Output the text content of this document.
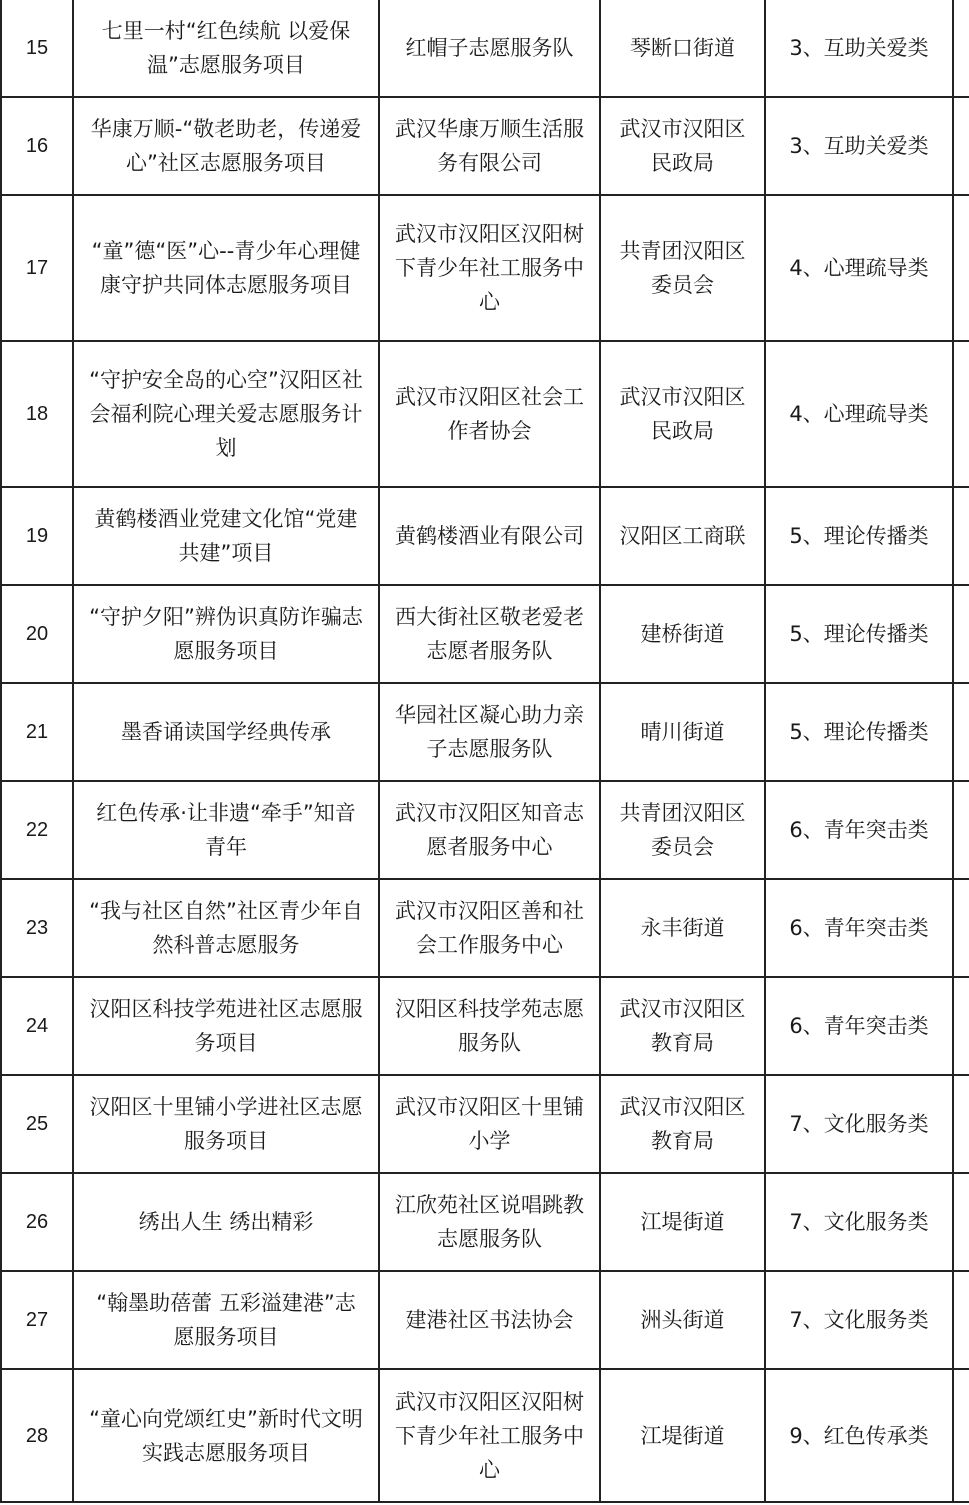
15	七里一村“红色续航 以爱保温”志愿服务项目	红帽子志愿服务队	琴断口街道	3、互助关爱类	
16	华康万顺-“敬老助老，传递爱心”社区志愿服务项目	武汉华康万顺生活服务有限公司	武汉市汉阳区民政局	3、互助关爱类	
17	“童”德“医”心--青少年心理健康守护共同体志愿服务项目	武汉市汉阳区汉阳树下青少年社工服务中心	共青团汉阳区委员会	4、心理疏导类	
18	“守护安全岛的心空”汉阳区社会福利院心理关爱志愿服务计划	武汉市汉阳区社会工作者协会	武汉市汉阳区民政局	4、心理疏导类	
19	黄鹤楼酒业党建文化馆“党建共建”项目	黄鹤楼酒业有限公司	汉阳区工商联	5、理论传播类	
20	“守护夕阳”辨伪识真防诈骗志愿服务项目	西大街社区敬老爱老志愿者服务队	建桥街道	5、理论传播类	
21	墨香诵读国学经典传承	华园社区凝心助力亲子志愿服务队	晴川街道	5、理论传播类	
22	红色传承·让非遗“牵手”知音青年	武汉市汉阳区知音志愿者服务中心	共青团汉阳区委员会	6、青年突击类	
23	“我与社区自然”社区青少年自然科普志愿服务	武汉市汉阳区善和社会工作服务中心	永丰街道	6、青年突击类	
24	汉阳区科技学苑进社区志愿服务项目	汉阳区科技学苑志愿服务队	武汉市汉阳区教育局	6、青年突击类	
25	汉阳区十里铺小学进社区志愿服务项目	武汉市汉阳区十里铺小学	武汉市汉阳区教育局	7、文化服务类	
26	绣出人生 绣出精彩	江欣苑社区说唱跳教志愿服务队	江堤街道	7、文化服务类	
27	“翰墨助蓓蕾 五彩溢建港”志愿服务项目	建港社区书法协会	洲头街道	7、文化服务类	
28	“童心向党颂红史”新时代文明实践志愿服务项目	武汉市汉阳区汉阳树下青少年社工服务中心	江堤街道	9、红色传承类	
